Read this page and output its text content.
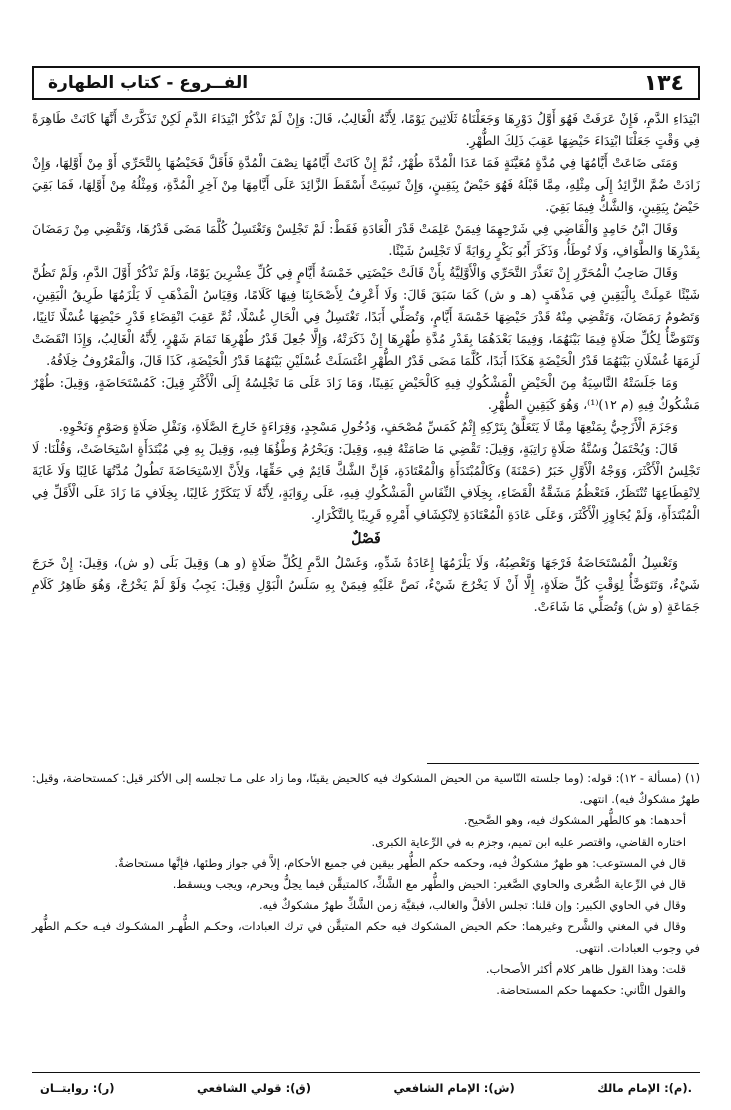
١٣٤
الفــروع - كتاب الطهارة

ابْتِدَاءِ الدَّمِ، فَإِنْ عَرَفَتْ فَهُوَ أَوَّلُ دَوْرِهَا وَجَعَلْنَاهُ ثَلَاثِينَ يَوْمًا، لِأَنَّهُ الْغَالِبُ، قَالَ: وَإِنْ لَمْ تَذْكُرْ ابْتِدَاءَ الدَّمِ لَكِنْ تَذَكَّرَتْ أَنَّهَا كَانَتْ طَاهِرَةً فِي وَقْتٍ جَعَلْنَا ابْتِدَاءَ حَيْضِهَا عَقِبَ ذَلِكَ الطُّهْرِ.

وَمَتَى ضَاعَتْ أَيَّامُهَا فِي مُدَّةٍ مُعَيَّنَةٍ فَمَا عَدَا الْمُدَّةَ طُهْرٌ، ثُمَّ إِنْ كَانَتْ أَيَّامُهَا نِصْفَ الْمُدَّةِ فَأَقَلَّ فَحَيْضُهَا بِالتَّحَرِّي أَوْ مِنْ أَوَّلِهَا، وَإِنْ زَادَتْ ضُمَّ الزَّائِدُ إِلَى مِثْلِهِ، مِمَّا قَبْلَهُ فَهُوَ حَيْضٌ بِيَقِينٍ، وَإِنْ نَسِيَتْ أَسْقَطَ الزَّائِدَ عَلَى أَيَّامِهَا مِنْ آخِرِ الْمُدَّةِ، وَمِثْلُهُ مِنْ أَوَّلِهَا، فَمَا بَقِيَ حَيْضٌ بِيَقِينٍ، وَالشَّكُّ فِيمَا بَقِيَ.

وَقَالَ ابْنُ حَامِدٍ وَالْقَاضِي فِي شَرْحِهِمَا فِيمَنْ عَلِمَتْ قَدْرَ الْعَادَةِ فَقَطْ: لَمْ تَجْلِسْ وَتَغْتَسِلُ كُلَّمَا مَضَى قَدْرُهَا، وَتَقْضِي مِنْ رَمَضَانَ بِقَدْرِهَا وَالطَّوَافِ، وَلَا تُوطَأُ، وَذَكَرَ أَبُو بَكْرٍ رِوَايَةً لَا تَجْلِسُ شَيْئًا.

وَقَالَ صَاحِبُ الْمُحَرَّرِ إِنْ تَعَذَّرَ التَّحَرِّي وَالْأَوَّلِيَّةُ بِأَنْ قَالَتْ حَيْضَتِي خَمْسَةُ أَيَّامٍ فِي كُلِّ عِشْرِينَ يَوْمًا، وَلَمْ تَذْكُرْ أَوَّلَ الدَّمِ، وَلَمْ تَظُنَّ شَيْئًا عَمِلَتْ بِالْيَقِينِ فِي مَذْهَبٍ (هـ و ش) كَمَا سَبَقَ قَالَ: وَلَا أَعْرِفُ لِأَصْحَابِنَا فِيهَا كَلَامًا، وَقِيَاسُ الْمَذْهَبِ لَا يَلْزَمُهَا طَرِيقُ الْيَقِينِ، وَتَصُومُ رَمَضَانَ، وَتَقْضِي مِنْهُ قَدْرَ حَيْضِهَا خَمْسَةَ أَيَّامٍ، وَتُصَلِّي أَبَدًا، تَغْتَسِلُ فِي الْحَالِ غُسْلًا، ثُمَّ عَقِبَ انْقِضَاءِ قَدْرِ حَيْضِهَا غُسْلًا ثَانِيًا، وَتَتَوَضَّأُ لِكُلِّ صَلَاةٍ فِيمَا بَيْنَهُمَا، وَفِيمَا بَعْدَهُمَا بِقَدْرِ مُدَّةِ طُهْرِهَا إِنْ ذَكَرَتْهُ، وَإِلَّا جُعِلَ قَدْرُ طُهْرِهَا تَمَامَ شَهْرٍ، لِأَنَّهُ الْغَالِبُ، وَإِذَا انْقَضَتْ لَزِمَهَا غُسْلَانِ بَيْنَهُمَا قَدْرُ الْحَيْضَةِ هَكَذَا أَبَدًا، كُلَّمَا مَضَى قَدْرُ الطُّهْرِ اغْتَسَلَتْ غُسْلَيْنِ بَيْنَهُمَا قَدْرُ الْحَيْضَةِ، كَذَا قَالَ، وَالْمَعْرُوفُ خِلَافُهُ.

وَمَا جَلَسَتْهُ النَّاسِيَةُ مِنَ الْحَيْضِ الْمَشْكُوكِ فِيهِ كَالْحَيْضِ يَقِينًا، وَمَا زَادَ عَلَى مَا تَجْلِسُهُ إِلَى الْأَكْثَرِ قِيلَ: كَمُسْتَحَاضَةٍ، وَقِيلَ: طُهْرٌ مَشْكُوكٌ فِيهِ (م ١٢)⁽¹⁾، وَهُوَ كَيَقِينِ الطُّهْرِ.

وَجَزَمَ الْأَزَجِيُّ بِمَنْعِهَا مِمَّا لَا يَتَعَلَّقُ بِتَرْكِهِ إِثْمٌ كَمَسِّ مُصْحَفٍ، وَدُخُولِ مَسْجِدٍ، وَقِرَاءَةٍ خَارِجَ الصَّلَاةِ، وَنَفْلِ صَلَاةٍ وَصَوْمٍ وَنَحْوِهِ.

قَالَ: وَيُحْتَمَلُ وَسُنَّةُ صَلَاةٍ رَاتِبَةٍ، وَقِيلَ: تَقْضِي مَا صَامَتْهُ فِيهِ، وَقِيلَ: وَيَحْرُمُ وَطْؤُهَا فِيهِ، وَقِيلَ بِهِ فِي مُبْتَدَأَةٍ اسْتِحَاضَتْ، وَقُلْنَا: لَا تَجْلِسُ الْأَكْثَرَ، وَوَجْهُ الْأَوَّلِ خَبَرُ (حَمْنَةَ) وَكَالْمُبْتَدَأَةِ وَالْمُعْتَادَةِ، فَإِنَّ الشَّكَّ قَائِمٌ فِي حَقِّهَا، وَلِأَنَّ الِاسْتِحَاضَةَ تَطُولُ مُدَّتُهَا غَالِبًا وَلَا غَايَةَ لِانْقِطَاعِهَا تُنْتَظَرُ، فَتَعْظُمُ مَشَقَّةُ الْقَضَاءِ، بِخِلَافِ النِّفَاسِ الْمَشْكُوكِ فِيهِ، عَلَى رِوَايَةٍ، لِأَنَّهُ لَا يَتَكَرَّرُ غَالِبًا، بِخِلَافِ مَا زَادَ عَلَى الْأَقَلِّ فِي الْمُبْتَدَأَةِ، وَلَمْ يُجَاوِزِ الْأَكْثَرَ، وَعَلَى عَادَةِ الْمُعْتَادَةِ لِانْكِشَافِ أَمْرِهِ قَرِيبًا بِالتَّكْرَارِ.

فَصْلٌ

وَتَغْسِلُ الْمُسْتَحَاضَةُ فَرْجَهَا وَتَعْصِبُهُ، وَلَا يَلْزَمُهَا إِعَادَةُ شَدِّهِ، وَغَسْلُ الدَّمِ لِكُلِّ صَلَاةٍ (و هـ) وَقِيلَ بَلَى (و ش)، وَقِيلَ: إِنْ خَرَجَ شَيْءٌ، وَتَتَوَضَّأُ لِوَقْتِ كُلِّ صَلَاةٍ، إِلَّا أَنْ لَا يَخْرُجَ شَيْءٌ، نَصَّ عَلَيْهِ فِيمَنْ بِهِ سَلَسُ الْبَوْلِ وَقِيلَ: يَجِبُ وَلَوْ لَمْ يَخْرُجْ، وَهُوَ ظَاهِرُ كَلَامِ جَمَاعَةٍ (و ش) وَتُصَلِّي مَا شَاءَتْ.

(١) (مسألة - ١٢): قوله: (وما جلسته النّاسية من الحيض المشكوك فيه كالحيض يقينًا، وما زاد على مـا تجلسه إلى الأكثر قيل: كمستحاضة، وقيل: طهرٌ مشكوكٌ فيه). انتهى.

أحدهما: هو كالطُّهر المشكوك فيه، وهو الصَّحيح.

اختاره القاضي، واقتصر عليه ابن تميم، وجزم به في الرِّعاية الكبرى.

قال في المستوعب: هو طهرٌ مشكوكٌ فيه، وحكمه حكم الطُّهر بيقين في جميع الأحكام، إلاَّ في جواز وطئها، فإنَّها مستحاضةٌ.

قال في الرِّعاية الصُّغرى والحاوي الصَّغير: الحيض والطُّهر مع الشَّكِّ، كالمتيقَّن فيما يحِلُّ ويحرم، ويجب ويسقط.

وقال في الحاوي الكبير: وإن قلنا: تجلس الأقلَّ والغالب، فبقيَّة زمن الشَّكِّ طهرٌ مشكوكٌ فيه.

وقال في المغني والشَّرح وغيرهما: حكم الحيض المشكوك فيه حكم المتيقَّن في ترك العبادات، وحكـم الطُّهـر المشكـوك فيـه حكـم الطُّهر في وجوب العبادات. انتهى.

قلت: وهذا القول ظاهر كلام أكثر الأصحاب.

والقول الثَّاني: حكمهما حكم المستحاضة.

.(م): الإمام مالك
(ش): الإمام الشافعي
(ق): قولي الشافعي
(ر): روايتــان
